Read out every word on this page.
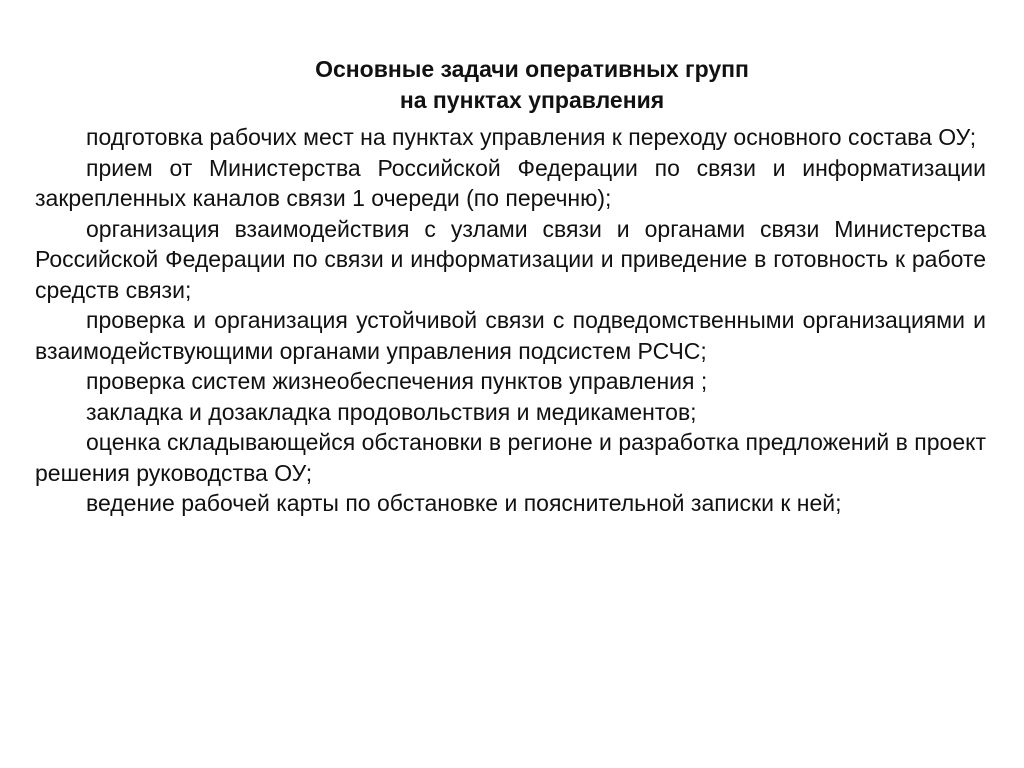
Основные задачи оперативных групп
на пунктах управления

подготовка рабочих мест на пунктах управления к переходу основного состава ОУ;

прием от Министерства Российской Федерации по связи и информатизации закрепленных каналов связи 1 очереди (по перечню);

организация взаимодействия с узлами связи и органами связи Министерства Российской Федерации по связи и информатизации и приведение в готовность к работе средств связи;

проверка и организация устойчивой связи с подведомственными организациями и взаимодействующими органами управления подсистем РСЧС;

проверка систем жизнеобеспечения пунктов управления ;

закладка и дозакладка продовольствия и медикаментов;

оценка складывающейся обстановки в регионе и разработка предложений в проект решения руководства ОУ;

ведение рабочей карты по обстановке и пояснительной записки к ней;
